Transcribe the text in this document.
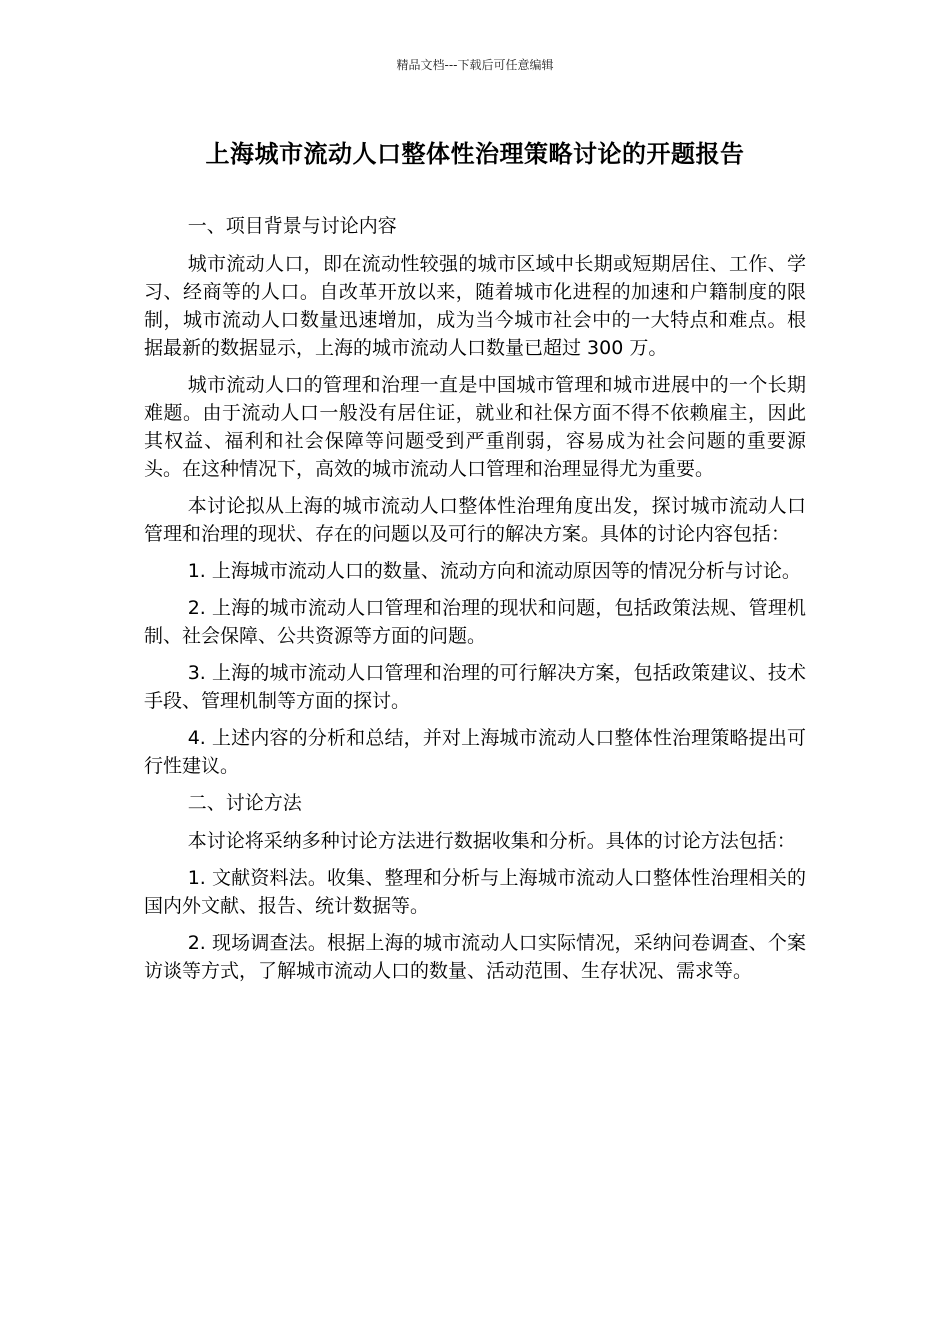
精品文档---下载后可任意编辑
上海城市流动人口整体性治理策略讨论的开题报告

一、项目背景与讨论内容

城市流动人口，即在流动性较强的城市区域中长期或短期居住、工作、学习、经商等的人口。自改革开放以来，随着城市化进程的加速和户籍制度的限制，城市流动人口数量迅速增加，成为当今城市社会中的一大特点和难点。根据最新的数据显示，上海的城市流动人口数量已超过 300 万。

城市流动人口的管理和治理一直是中国城市管理和城市进展中的一个长期难题。由于流动人口一般没有居住证，就业和社保方面不得不依赖雇主，因此其权益、福利和社会保障等问题受到严重削弱，容易成为社会问题的重要源头。在这种情况下，高效的城市流动人口管理和治理显得尤为重要。

本讨论拟从上海的城市流动人口整体性治理角度出发，探讨城市流动人口管理和治理的现状、存在的问题以及可行的解决方案。具体的讨论内容包括：

1. 上海城市流动人口的数量、流动方向和流动原因等的情况分析与讨论。

2. 上海的城市流动人口管理和治理的现状和问题，包括政策法规、管理机制、社会保障、公共资源等方面的问题。

3. 上海的城市流动人口管理和治理的可行解决方案，包括政策建议、技术手段、管理机制等方面的探讨。

4. 上述内容的分析和总结，并对上海城市流动人口整体性治理策略提出可行性建议。

二、讨论方法

本讨论将采纳多种讨论方法进行数据收集和分析。具体的讨论方法包括：

1. 文献资料法。收集、整理和分析与上海城市流动人口整体性治理相关的国内外文献、报告、统计数据等。

2. 现场调查法。根据上海的城市流动人口实际情况，采纳问卷调查、个案访谈等方式，了解城市流动人口的数量、活动范围、生存状况、需求等。
